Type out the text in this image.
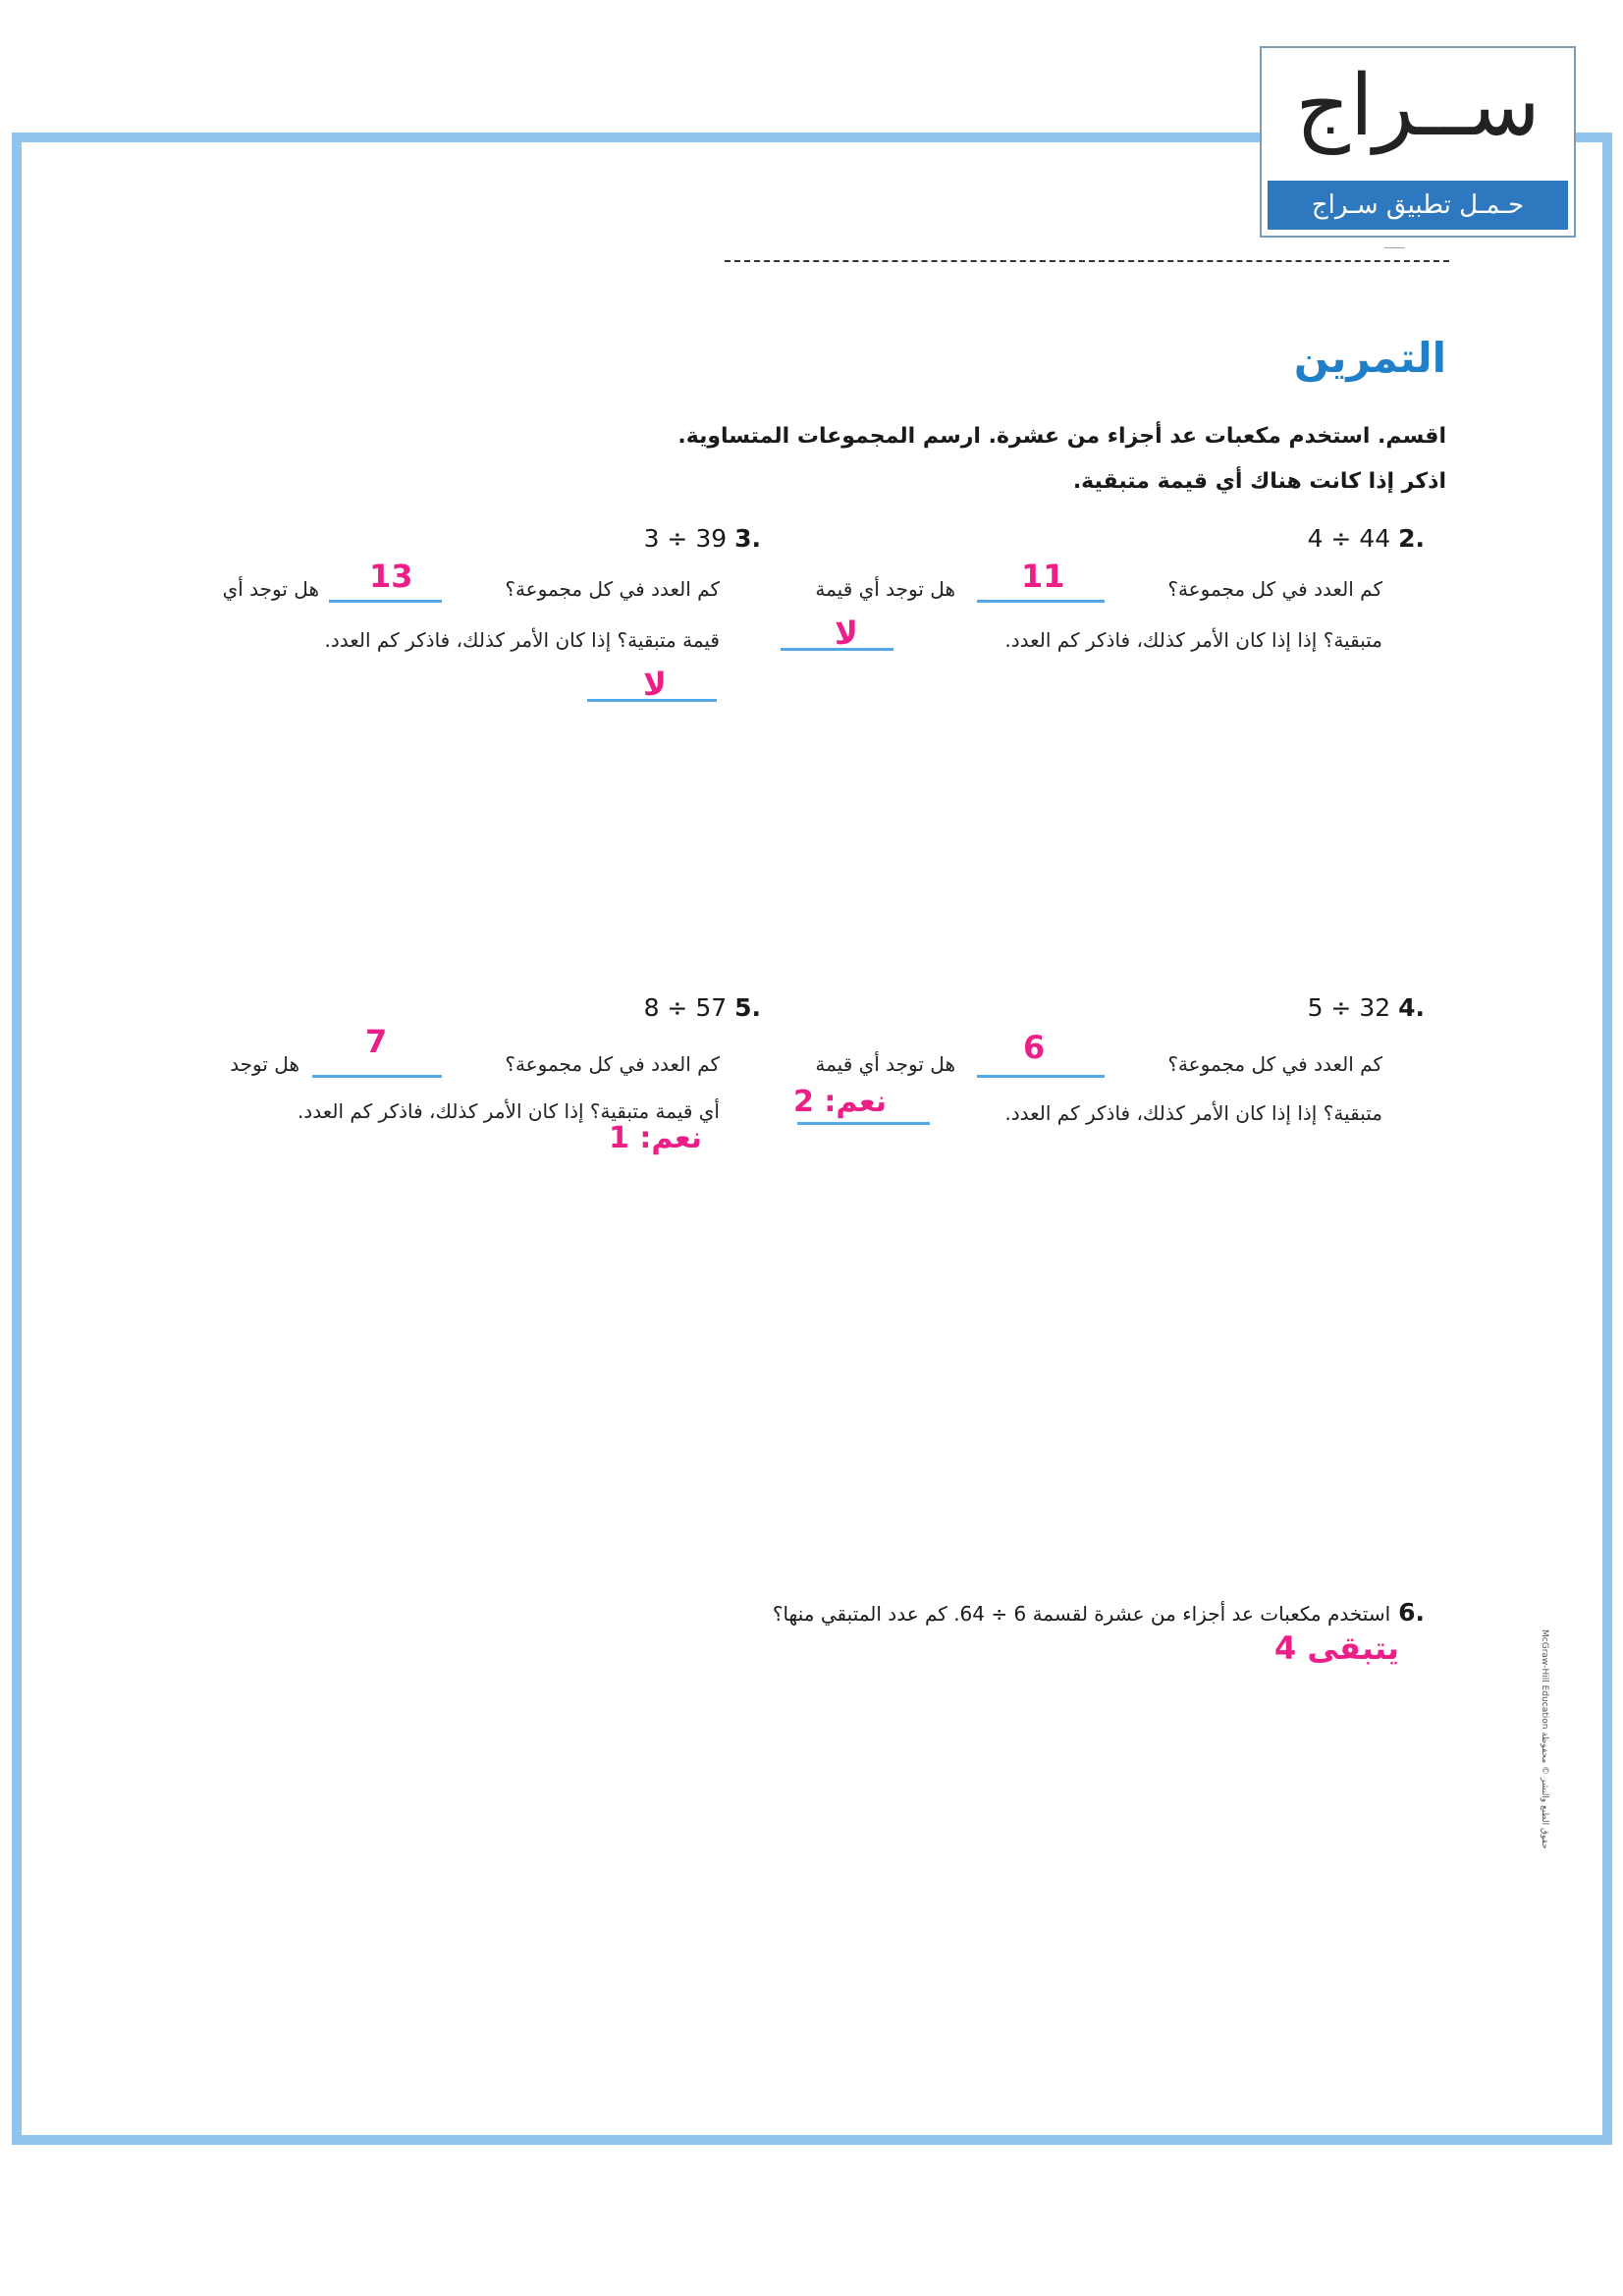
ســراج
حـمـل تطبيق سـراج
ـــــــ
التمرين
اقسم. استخدم مكعبات عد أجزاء من عشرة. ارسم المجموعات المتساوية.
اذكر إذا كانت هناك أي قيمة متبقية.
.2 44 ÷ 4
كم العدد في كل مجموعة؟
11
هل توجد أي قيمة
متبقية؟ إذا إذا كان الأمر كذلك، فاذكر كم العدد.
لا
.3 39 ÷ 3
كم العدد في كل مجموعة؟
13
هل توجد أي
قيمة متبقية؟ إذا كان الأمر كذلك، فاذكر كم العدد.
لا
.4 32 ÷ 5
كم العدد في كل مجموعة؟
6
هل توجد أي قيمة
متبقية؟ إذا إذا كان الأمر كذلك، فاذكر كم العدد.
نعم: 2
.5 57 ÷ 8
كم العدد في كل مجموعة؟
7
هل توجد
أي قيمة متبقية؟ إذا كان الأمر كذلك، فاذكر كم العدد.
نعم: 1
.6 استخدم مكعبات عد أجزاء من عشرة لقسمة 6 ÷ 64. كم عدد المتبقي منها؟
يتبقى 4	McGraw-Hill Education حقوق الطبع والنشر © محفوظة
